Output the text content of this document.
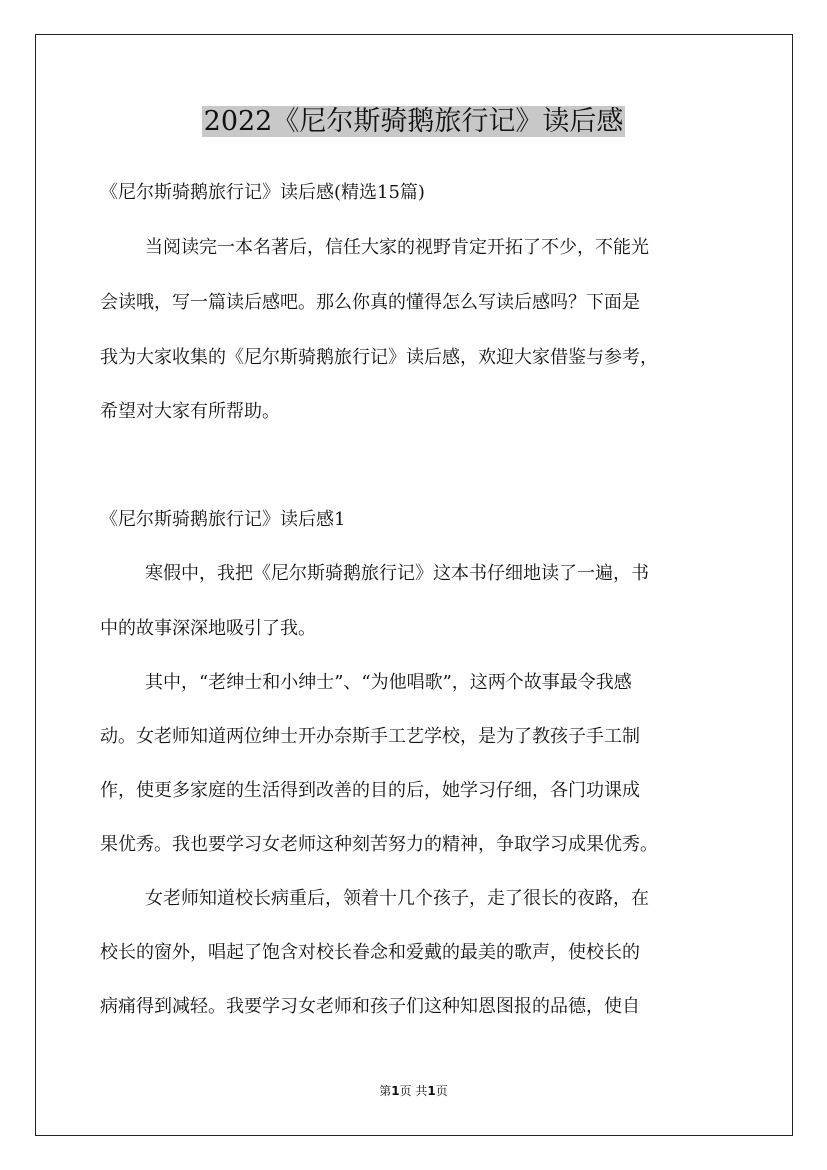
2022《尼尔斯骑鹅旅行记》读后感
《尼尔斯骑鹅旅行记》读后感(精选15篇)
当阅读完一本名著后，信任大家的视野肯定开拓了不少，不能光
会读哦，写一篇读后感吧。那么你真的懂得怎么写读后感吗？下面是
我为大家收集的《尼尔斯骑鹅旅行记》读后感，欢迎大家借鉴与参考，
希望对大家有所帮助。
《尼尔斯骑鹅旅行记》读后感1
寒假中，我把《尼尔斯骑鹅旅行记》这本书仔细地读了一遍，书
中的故事深深地吸引了我。
其中，“老绅士和小绅士”、“为他唱歌”，这两个故事最令我感
动。女老师知道两位绅士开办奈斯手工艺学校，是为了教孩子手工制
作，使更多家庭的生活得到改善的目的后，她学习仔细，各门功课成
果优秀。我也要学习女老师这种刻苦努力的精神，争取学习成果优秀。
女老师知道校长病重后，领着十几个孩子，走了很长的夜路，在
校长的窗外，唱起了饱含对校长眷念和爱戴的最美的歌声，使校长的
病痛得到减轻。我要学习女老师和孩子们这种知恩图报的品德，使自
第1页 共1页
